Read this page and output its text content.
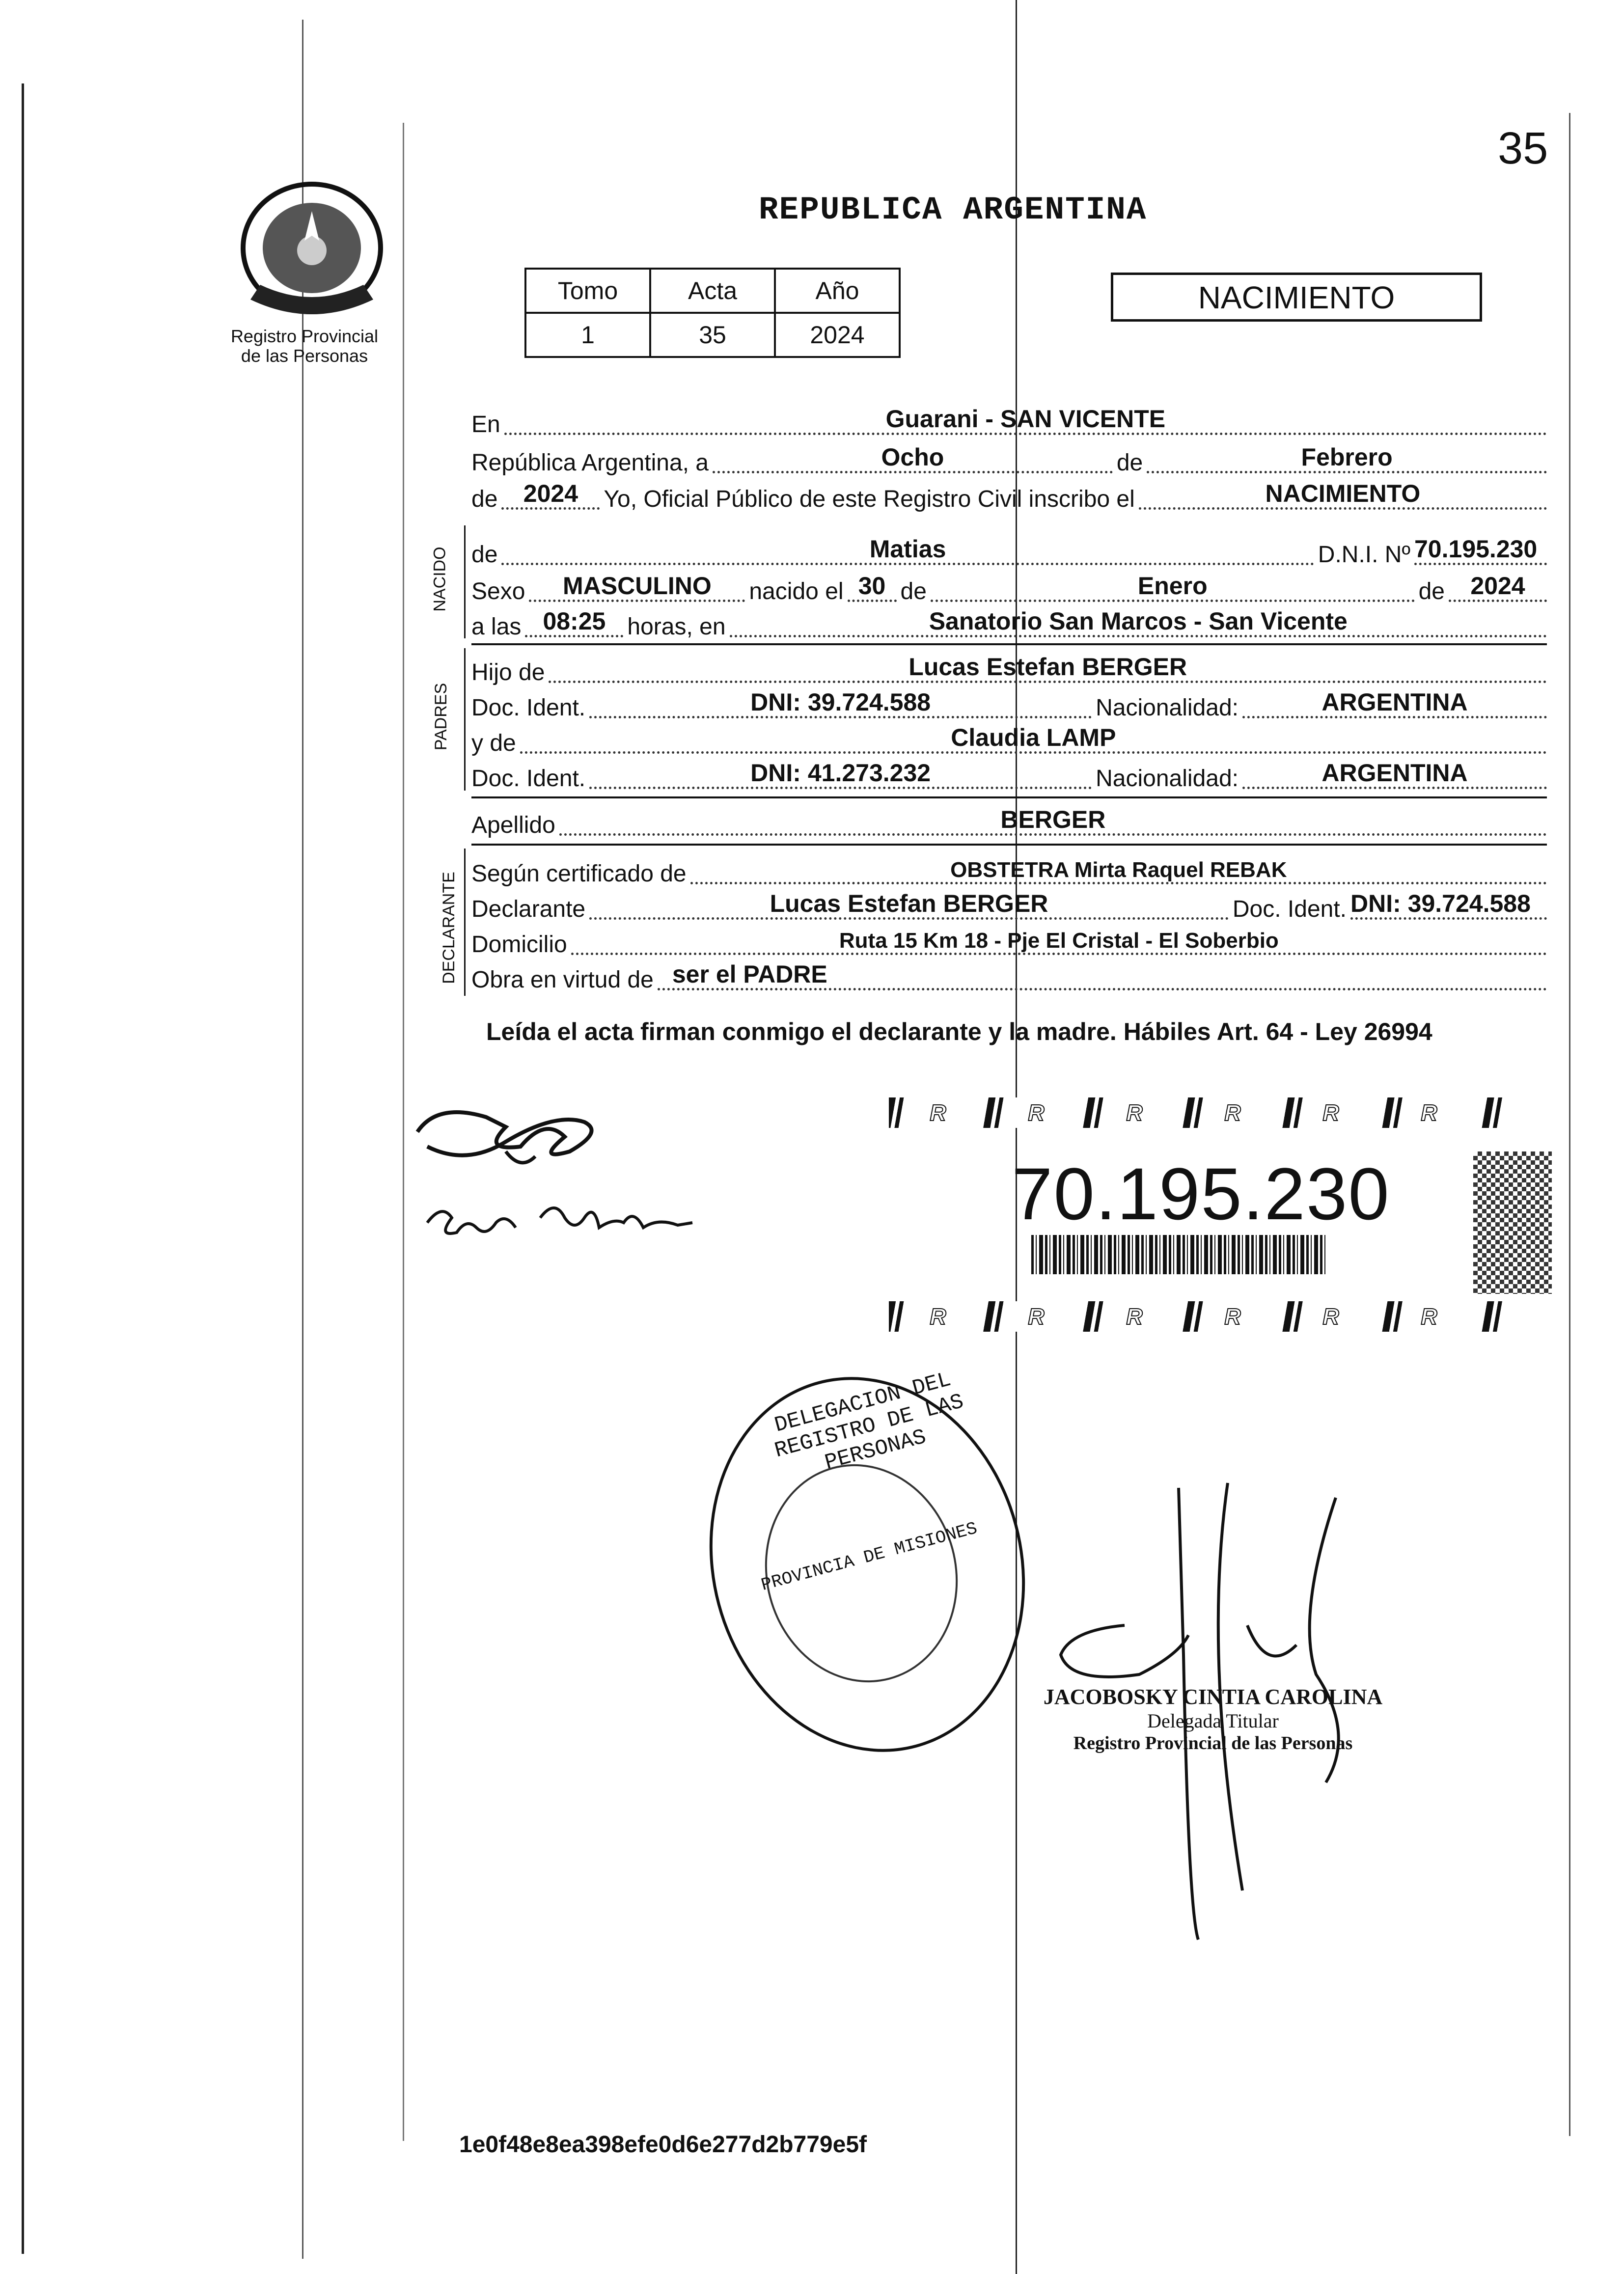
Registro Provincial
de las Personas
35
REPUBLICA ARGENTINA
Tomo	Acta	Año
1	35	2024
NACIMIENTO
En	Guarani - SAN VICENTE
República Argentina, a	Ocho	de	Febrero
de 2024 Yo, Oficial Público de este Registro Civil inscribo el	NACIMIENTO
NACIDO de	Matias	D.N.I. Nº 70.195.230
Sexo MASCULINO nacido el 30 de	Enero	de 2024
a las 08:25 horas, en	Sanatorio San Marcos - San Vicente
PADRES
Hijo de	Lucas Estefan BERGER
Doc. Ident.	DNI: 39.724.588	Nacionalidad:	ARGENTINA
y de	Claudia LAMP
Doc. Ident.	DNI: 41.273.232	Nacionalidad:	ARGENTINA
Apellido	BERGER
DECLARANTE Según certificado de	OBSTETRA Mirta Raquel REBAK
Declarante	Lucas Estefan BERGER	Doc. Ident. DNI: 39.724.588
Domicilio	Ruta 15 Km 18 - Pje El Cristal - El Soberbio
Obra en virtud de ser el PADRE
Leída el acta firman conmigo el declarante y la madre. Hábiles Art. 64 - Ley 26994
R	R	R	R	R	R
70.195.230
R	R	R	R	R	R
DELEGACION DEL REGISTRO DE LAS PERSONAS
PROVINCIA DE MISIONES
JACOBOSKY CINTIA CAROLINA
Delegada Titular
Registro Provincial de las Personas
1e0f48e8ea398efe0d6e277d2b779e5f
